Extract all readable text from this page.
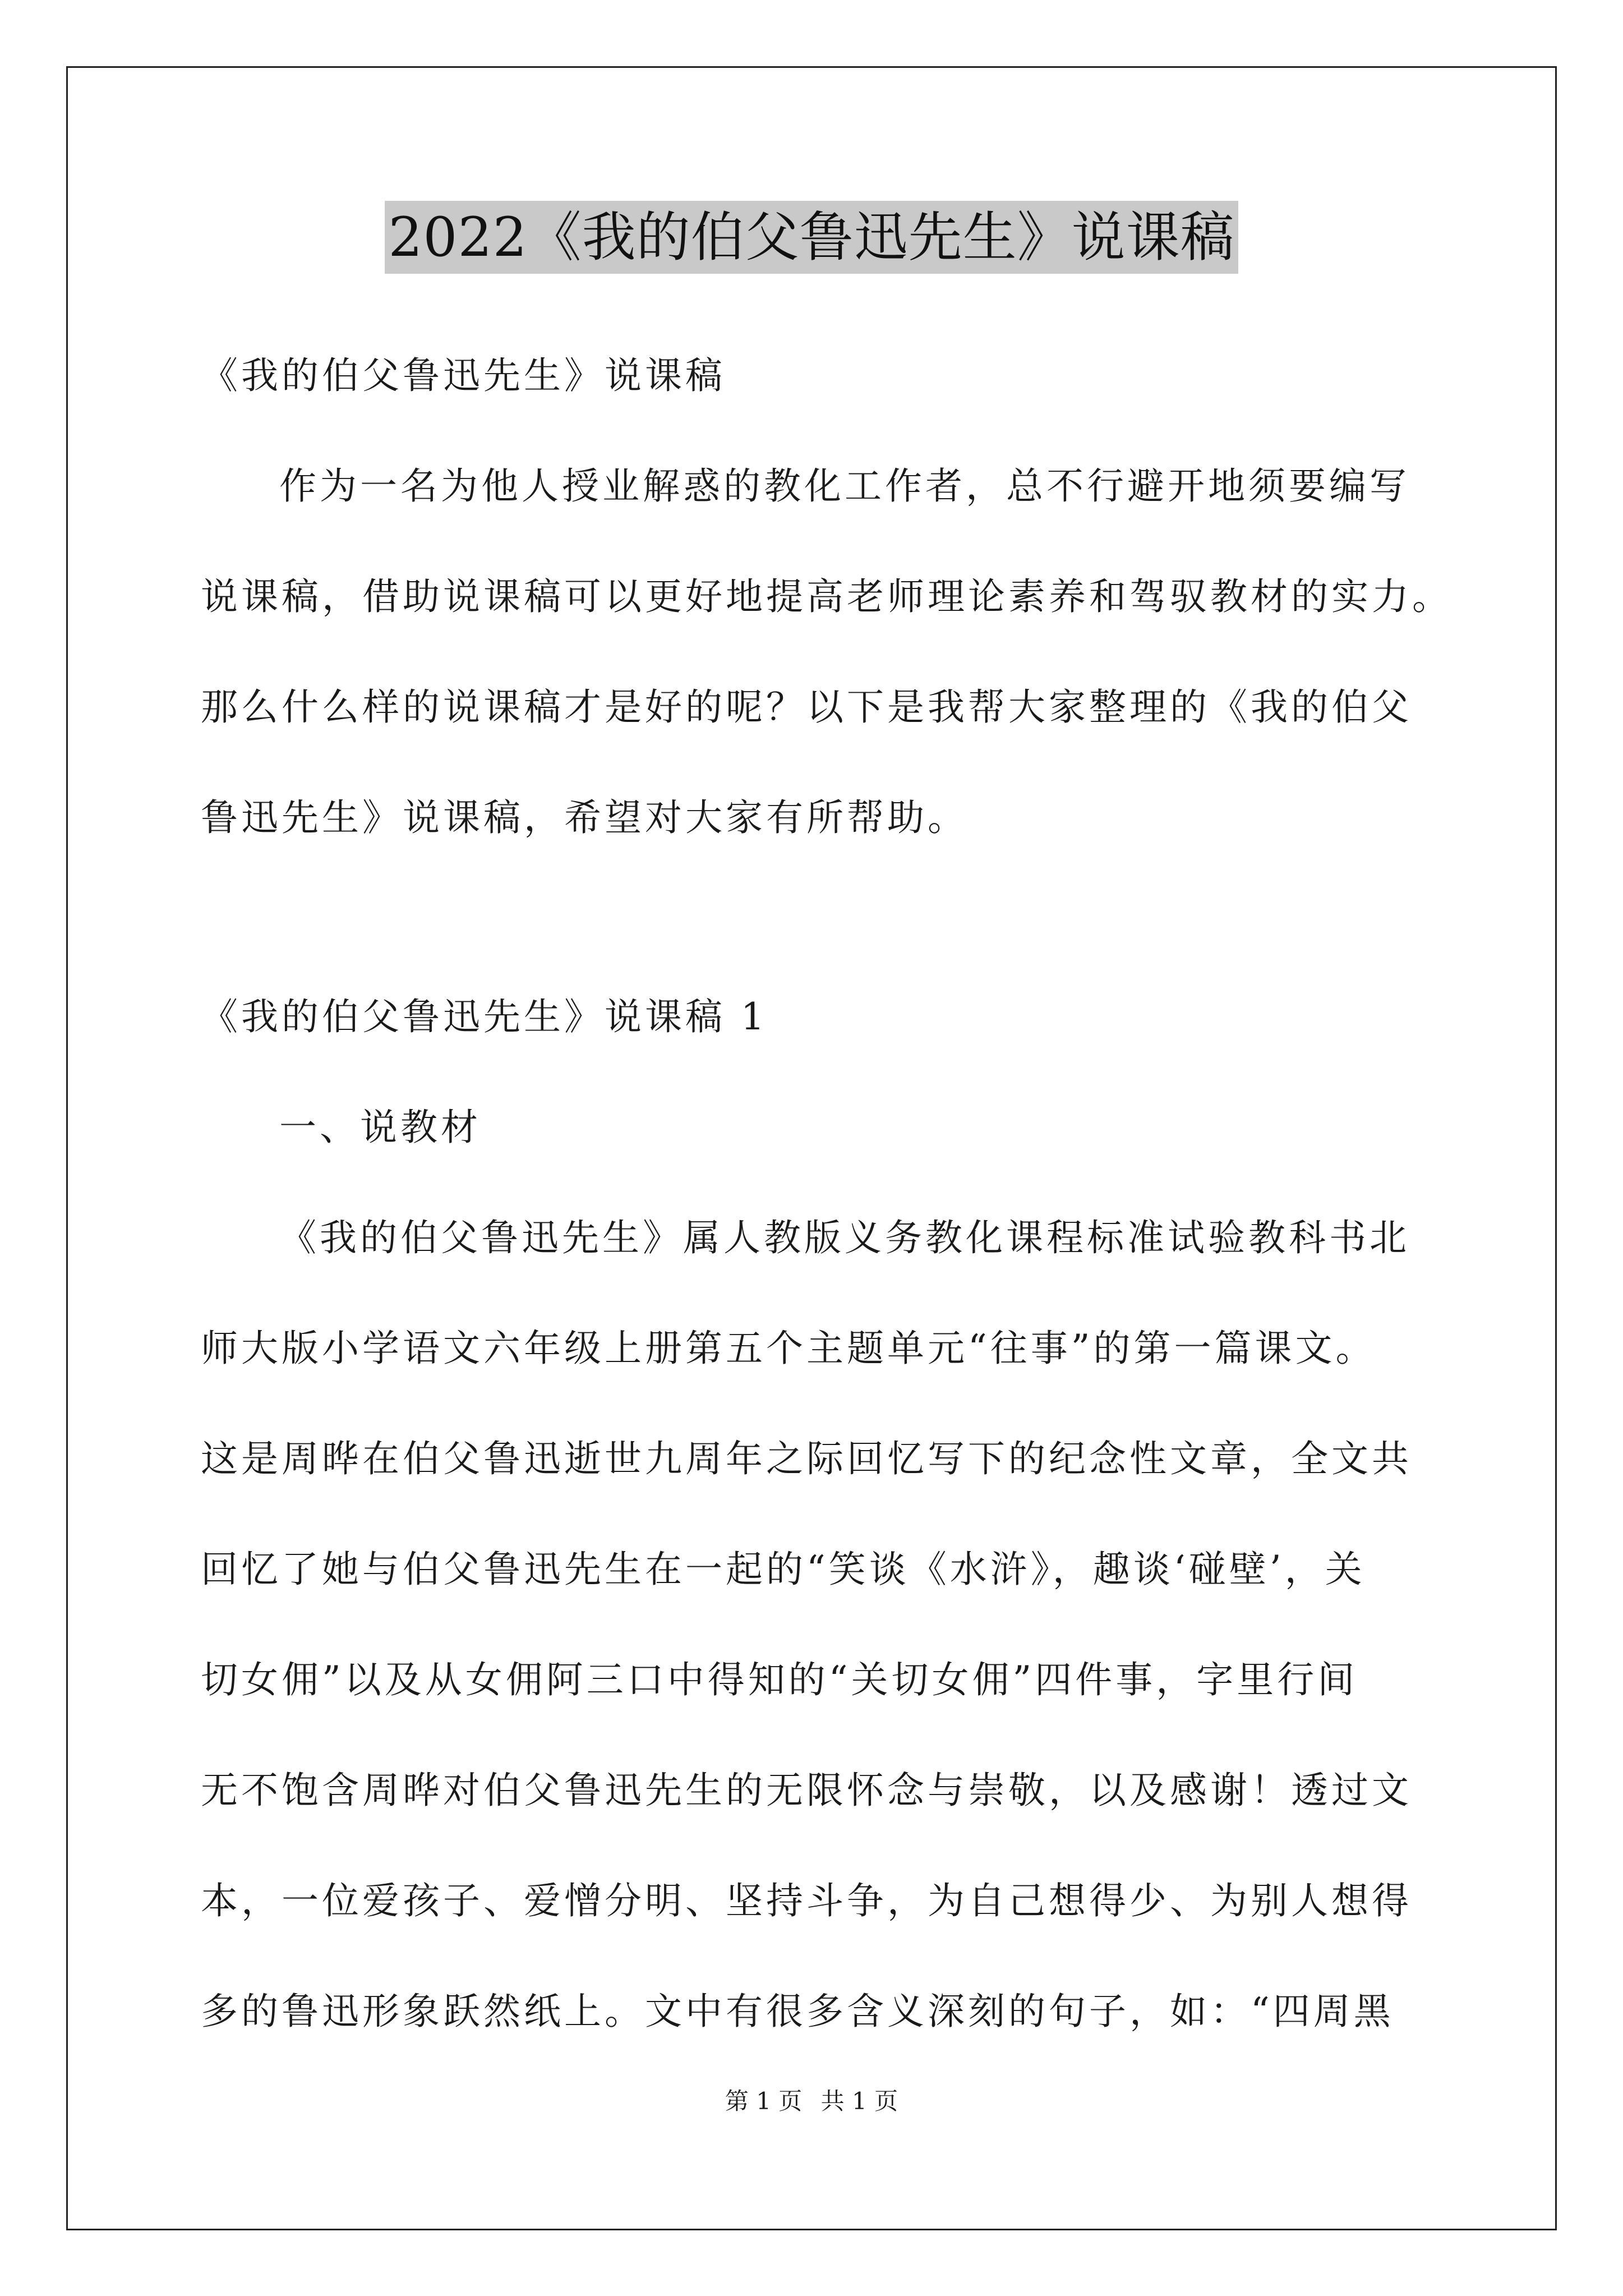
2022《我的伯父鲁迅先生》说课稿
《我的伯父鲁迅先生》说课稿
作为一名为他人授业解惑的教化工作者，总不行避开地须要编写
说课稿，借助说课稿可以更好地提高老师理论素养和驾驭教材的实力。
那么什么样的说课稿才是好的呢？以下是我帮大家整理的《我的伯父
鲁迅先生》说课稿，希望对大家有所帮助。
《我的伯父鲁迅先生》说课稿 1
一、说教材
《我的伯父鲁迅先生》属人教版义务教化课程标准试验教科书北
师大版小学语文六年级上册第五个主题单元“往事”的第一篇课文。
这是周晔在伯父鲁迅逝世九周年之际回忆写下的纪念性文章，全文共
回忆了她与伯父鲁迅先生在一起的“笑谈《水浒》，趣谈‘碰壁’，关
切女佣”以及从女佣阿三口中得知的“关切女佣”四件事，字里行间
无不饱含周晔对伯父鲁迅先生的无限怀念与崇敬，以及感谢！透过文
本，一位爱孩子、爱憎分明、坚持斗争，为自己想得少、为别人想得
多的鲁迅形象跃然纸上。文中有很多含义深刻的句子，如：“四周黑
第 1 页 共 1 页
